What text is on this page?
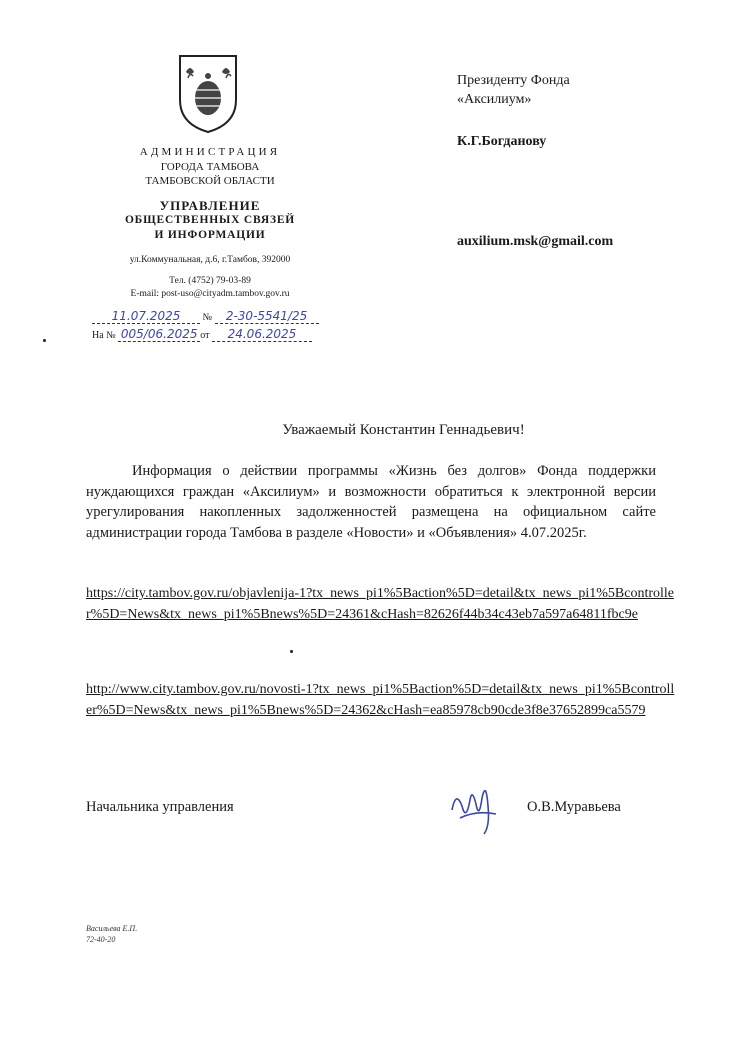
АДМИНИСТРАЦИЯ
ГОРОДА ТАМБОВА
ТАМБОВСКОЙ ОБЛАСТИ
УПРАВЛЕНИЕ
ОБЩЕСТВЕННЫХ СВЯЗЕЙ
И ИНФОРМАЦИИ
ул.Коммунальная, д.6, г.Тамбов, 392000
Тел. (4752) 79-03-89
E-mail: post-uso@cityadm.tambov.gov.ru
11.07.2025 № 2-30-5541/25
На № 005/06.2025 от 24.06.2025
Президенту Фонда
«Аксилиум»
К.Г.Богданову
auxilium.msk@gmail.com
Уважаемый Константин Геннадьевич!
Информация о действии программы «Жизнь без долгов» Фонда поддержки нуждающихся граждан «Аксилиум» и возможности обратиться к электронной версии урегулирования накопленных задолженностей размещена на официальном сайте администрации города Тамбова в разделе «Новости» и «Объявления» 4.07.2025г.
https://city.tambov.gov.ru/objavlenija-1?tx_news_pi1%5Baction%5D=detail&tx_news_pi1%5Bcontroller%5D=News&tx_news_pi1%5Bnews%5D=24361&cHash=82626f44b34c43eb7a597a64811fbc9e
http://www.city.tambov.gov.ru/novosti-1?tx_news_pi1%5Baction%5D=detail&tx_news_pi1%5Bcontroller%5D=News&tx_news_pi1%5Bnews%5D=24362&cHash=ea85978cb90cde3f8e37652899ca5579
Начальника управления	О.В.Муравьева
Васильева Е.П.
72-40-20
